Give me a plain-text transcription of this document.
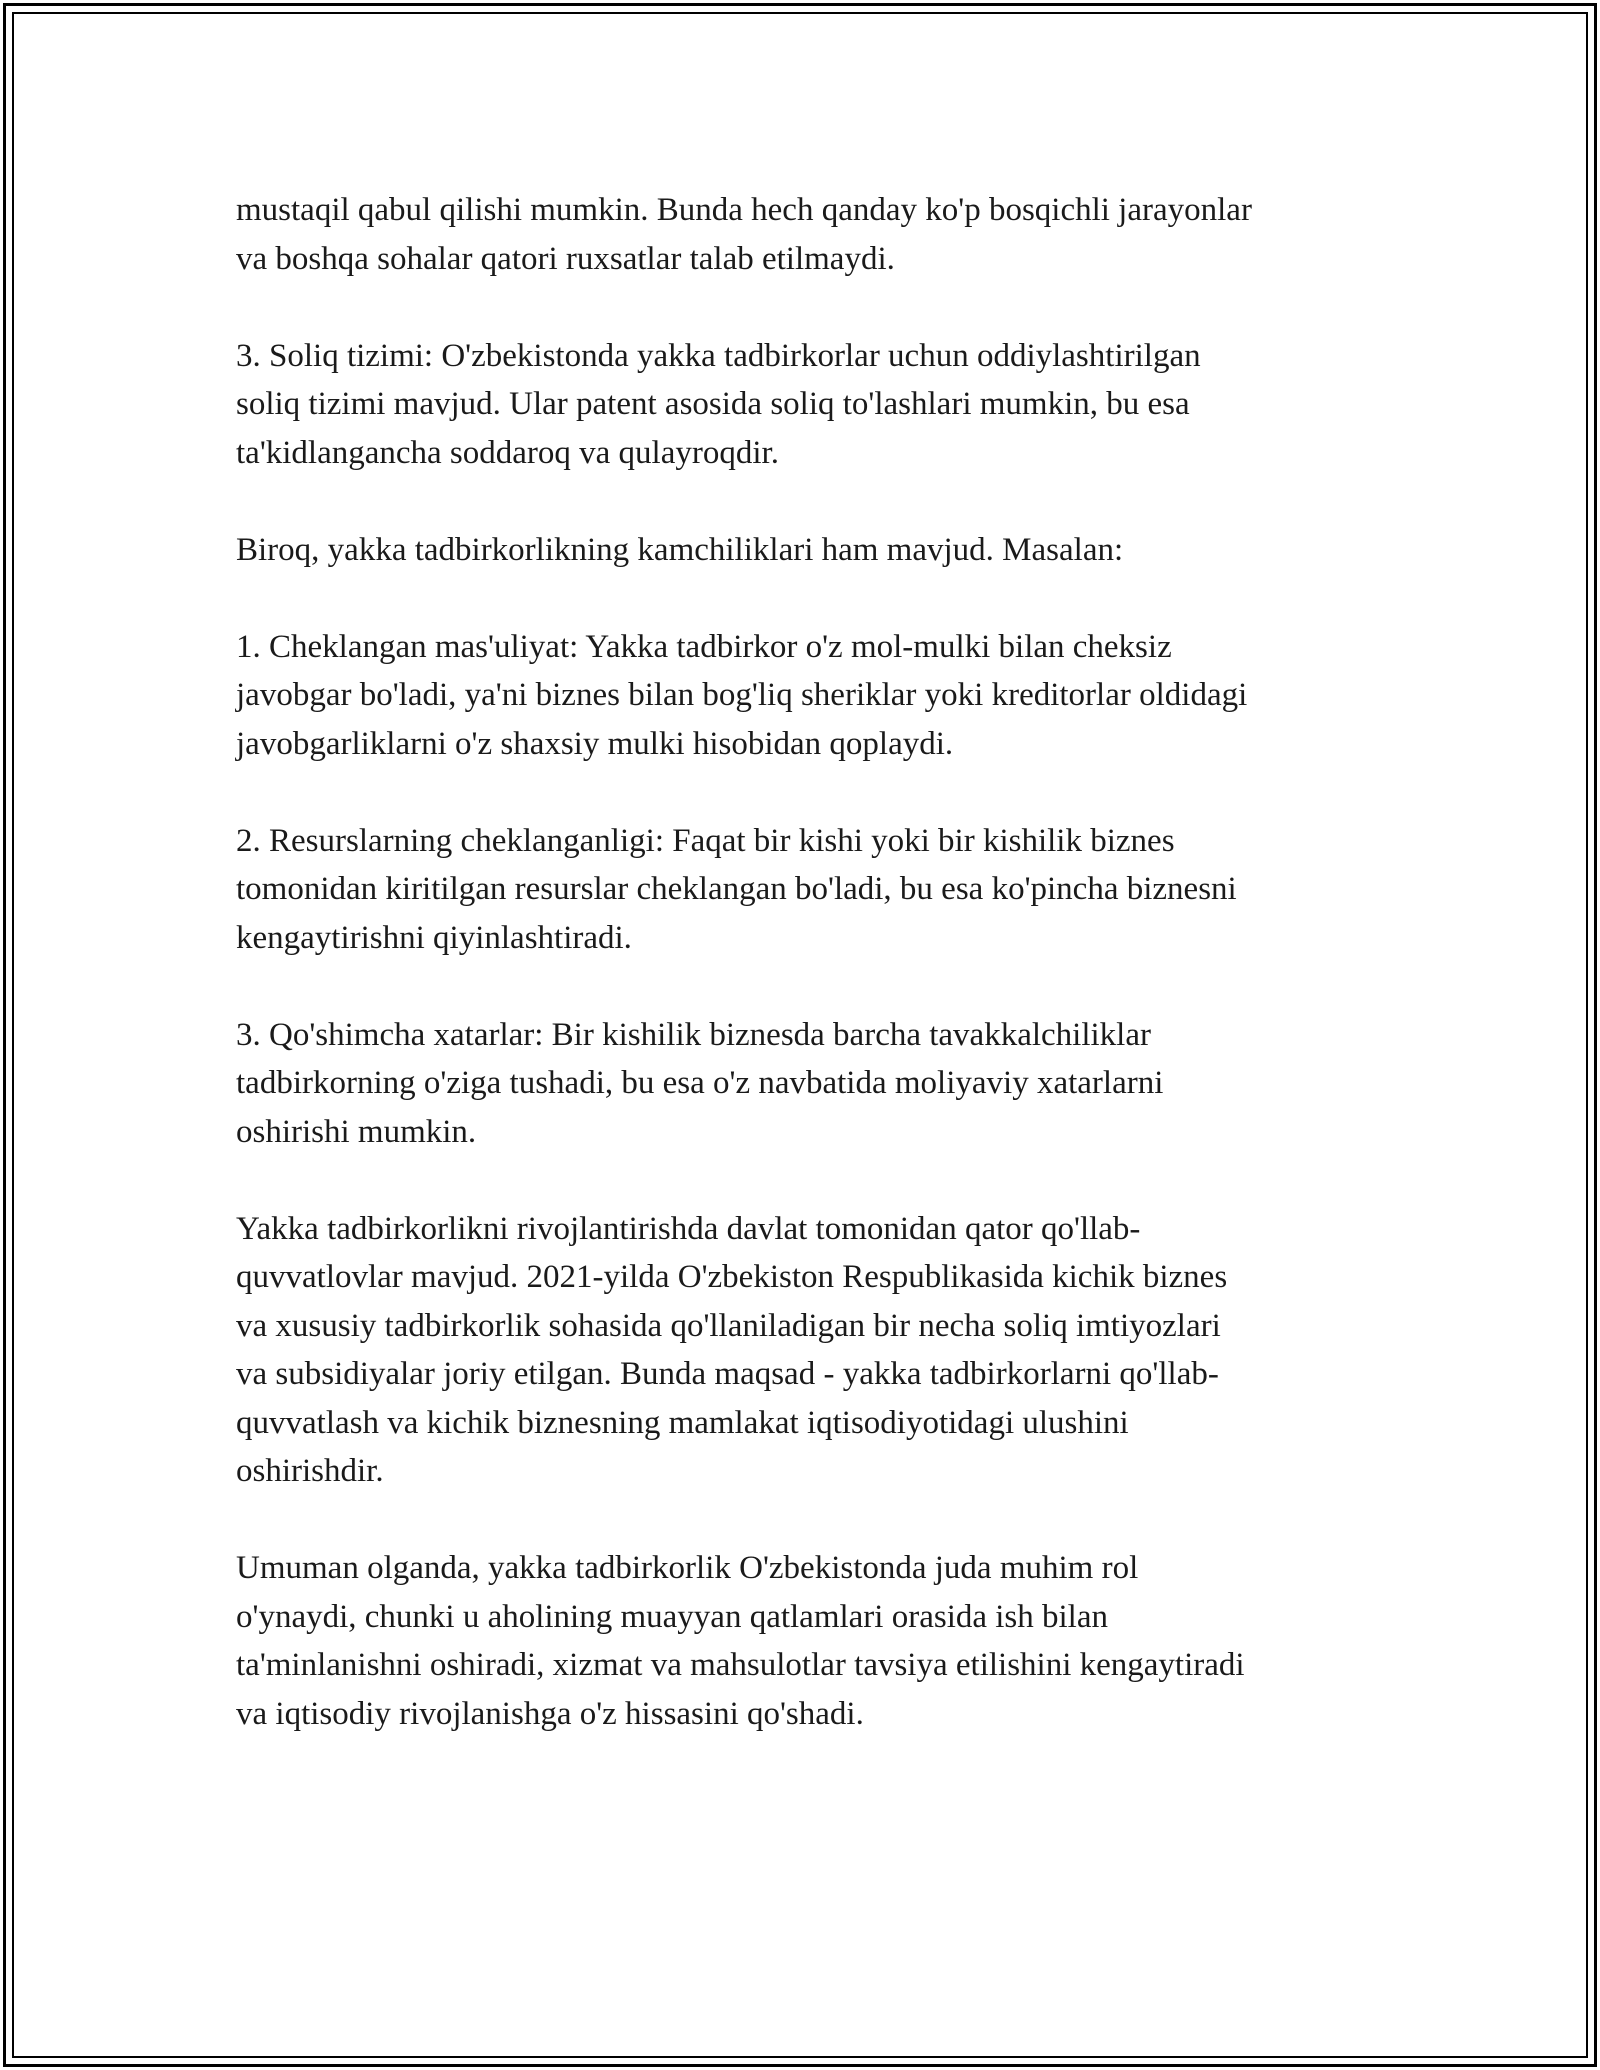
mustaqil qabul qilishi mumkin. Bunda hech qanday ko'p bosqichli jarayonlar
va boshqa sohalar qatori ruxsatlar talab etilmaydi.

3. Soliq tizimi: O'zbekistonda yakka tadbirkorlar uchun oddiylashtirilgan
soliq tizimi mavjud. Ular patent asosida soliq to'lashlari mumkin, bu esa
ta'kidlangancha soddaroq va qulayroqdir.

Biroq, yakka tadbirkorlikning kamchiliklari ham mavjud. Masalan:

1. Cheklangan mas'uliyat: Yakka tadbirkor o'z mol-mulki bilan cheksiz
javobgar bo'ladi, ya'ni biznes bilan bog'liq sheriklar yoki kreditorlar oldidagi
javobgarliklarni o'z shaxsiy mulki hisobidan qoplaydi.

2. Resurslarning cheklanganligi: Faqat bir kishi yoki bir kishilik biznes
tomonidan kiritilgan resurslar cheklangan bo'ladi, bu esa ko'pincha biznesni
kengaytirishni qiyinlashtiradi.

3. Qo'shimcha xatarlar: Bir kishilik biznesda barcha tavakkalchiliklar
tadbirkorning o'ziga tushadi, bu esa o'z navbatida moliyaviy xatarlarni
oshirishi mumkin.

Yakka tadbirkorlikni rivojlantirishda davlat tomonidan qator qo'llab-
quvvatlovlar mavjud. 2021-yilda O'zbekiston Respublikasida kichik biznes
va xususiy tadbirkorlik sohasida qo'llaniladigan bir necha soliq imtiyozlari
va subsidiyalar joriy etilgan. Bunda maqsad - yakka tadbirkorlarni qo'llab-
quvvatlash va kichik biznesning mamlakat iqtisodiyotidagi ulushini
oshirishdir.

Umuman olganda, yakka tadbirkorlik O'zbekistonda juda muhim rol
o'ynaydi, chunki u aholining muayyan qatlamlari orasida ish bilan
ta'minlanishni oshiradi, xizmat va mahsulotlar tavsiya etilishini kengaytiradi
va iqtisodiy rivojlanishga o'z hissasini qo'shadi.
